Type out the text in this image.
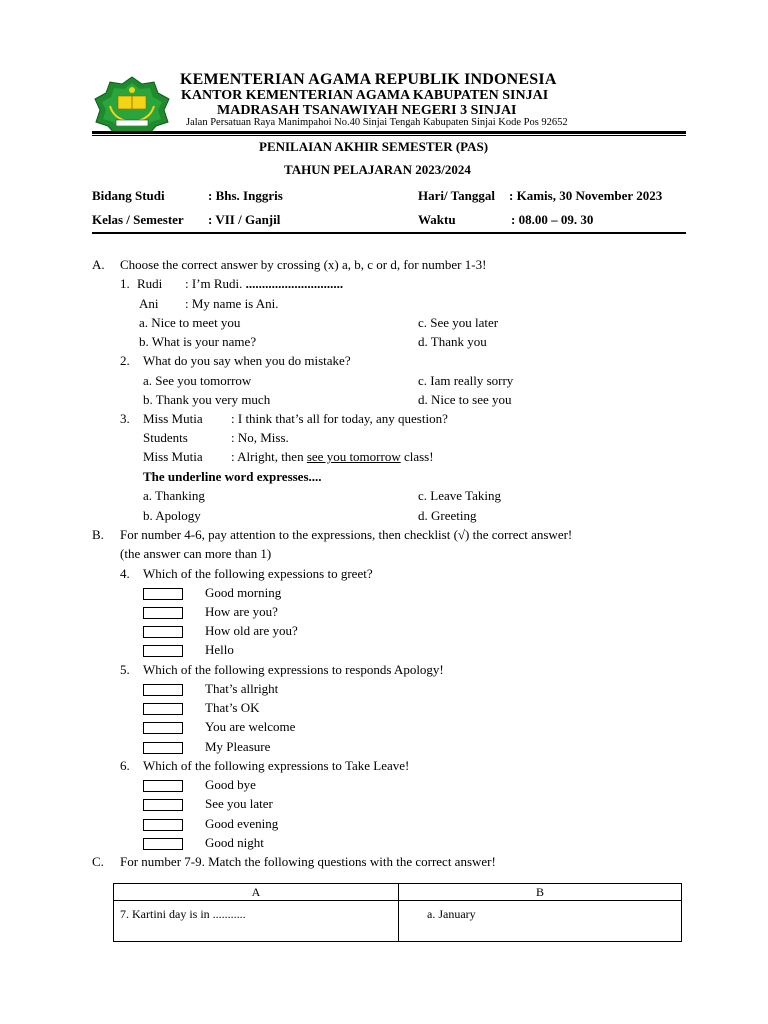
KEMENTERIAN AGAMA REPUBLIK INDONESIA
KANTOR KEMENTERIAN AGAMA KABUPATEN SINJAI
MADRASAH TSANAWIYAH NEGERI 3 SINJAI
Jalan Persatuan Raya Manimpahoi No.40 Sinjai Tengah Kabupaten Sinjai Kode Pos 92652
PENILAIAN AKHIR SEMESTER (PAS)
TAHUN PELAJARAN 2023/2024
Bidang Studi	: Bhs. Inggris	Hari/ Tanggal : Kamis, 30 November 2023
Kelas / Semester : VII / Ganjil	Waktu	: 08.00 – 09. 30
A. Choose the correct answer by crossing (x) a, b, c or d, for number 1-3!
1. Rudi : I’m Rudi. ..............................
Ani : My name is Ani.
a. Nice to meet you	c. See you later
b. What is your name?	d. Thank you
2. What do you say when you do mistake?
a. See you tomorrow	c. Iam really sorry
b. Thank you very much	d. Nice to see you
3. Miss Mutia : I think that’s all for today, any question?
Students	: No, Miss.
Miss Mutia : Alright, then see you tomorrow class!
The underline word expresses....
a. Thanking	c. Leave Taking
b. Apology	d. Greeting
B. For number 4-6, pay attention to the expressions, then checklist (√) the correct answer!
(the answer can more than 1)
4. Which of the following expessions to greet?
Good morning
How are you?
How old are you?
Hello
5. Which of the following expressions to responds Apology!
That’s allright
That’s OK
You are welcome
My Pleasure
6. Which of the following expressions to Take Leave!
Good bye
See you later
Good evening
Good night
C. For number 7-9. Match the following questions with the correct answer!
A	B
7. Kartini day is in ...........	a. January
